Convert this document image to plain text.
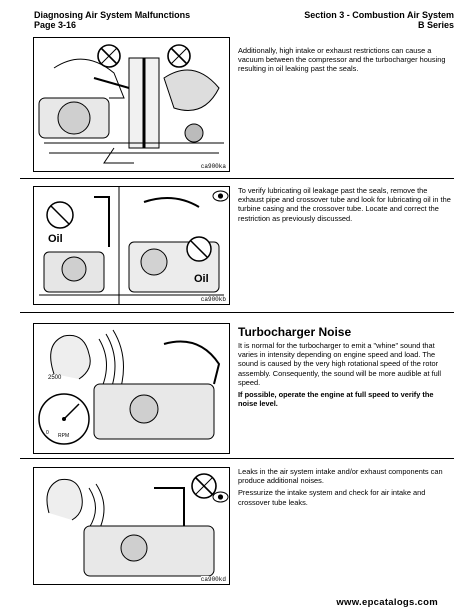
Diagnosing Air System Malfunctions
Page 3-16
Section 3 - Combustion Air System
B Series
ca900ka

Additionally, high intake or exhaust restrictions can cause a vacuum between the compressor and the turbocharger housing resulting in oil leaking past the seals.

Oil
Oil
ca900kb

To verify lubricating oil leakage past the seals, remove the exhaust pipe and crossover tube and look for lubricating oil in the turbine casing and the crossover tube. Locate and correct the restriction as previously discussed.

2500
RPM
0
Turbocharger Noise

It is normal for the turbocharger to emit a "whine" sound that varies in intensity depending on engine speed and load. The sound is caused by the very high rotational speed of the rotor assembly. Consequently, the sound will be more audible at full speed.

If possible, operate the engine at full speed to verify the noise level.

ca900kd

Leaks in the air system intake and/or exhaust components can produce additional noises.

Pressurize the intake system and check for air intake and crossover tube leaks.

www.epcatalogs.com
